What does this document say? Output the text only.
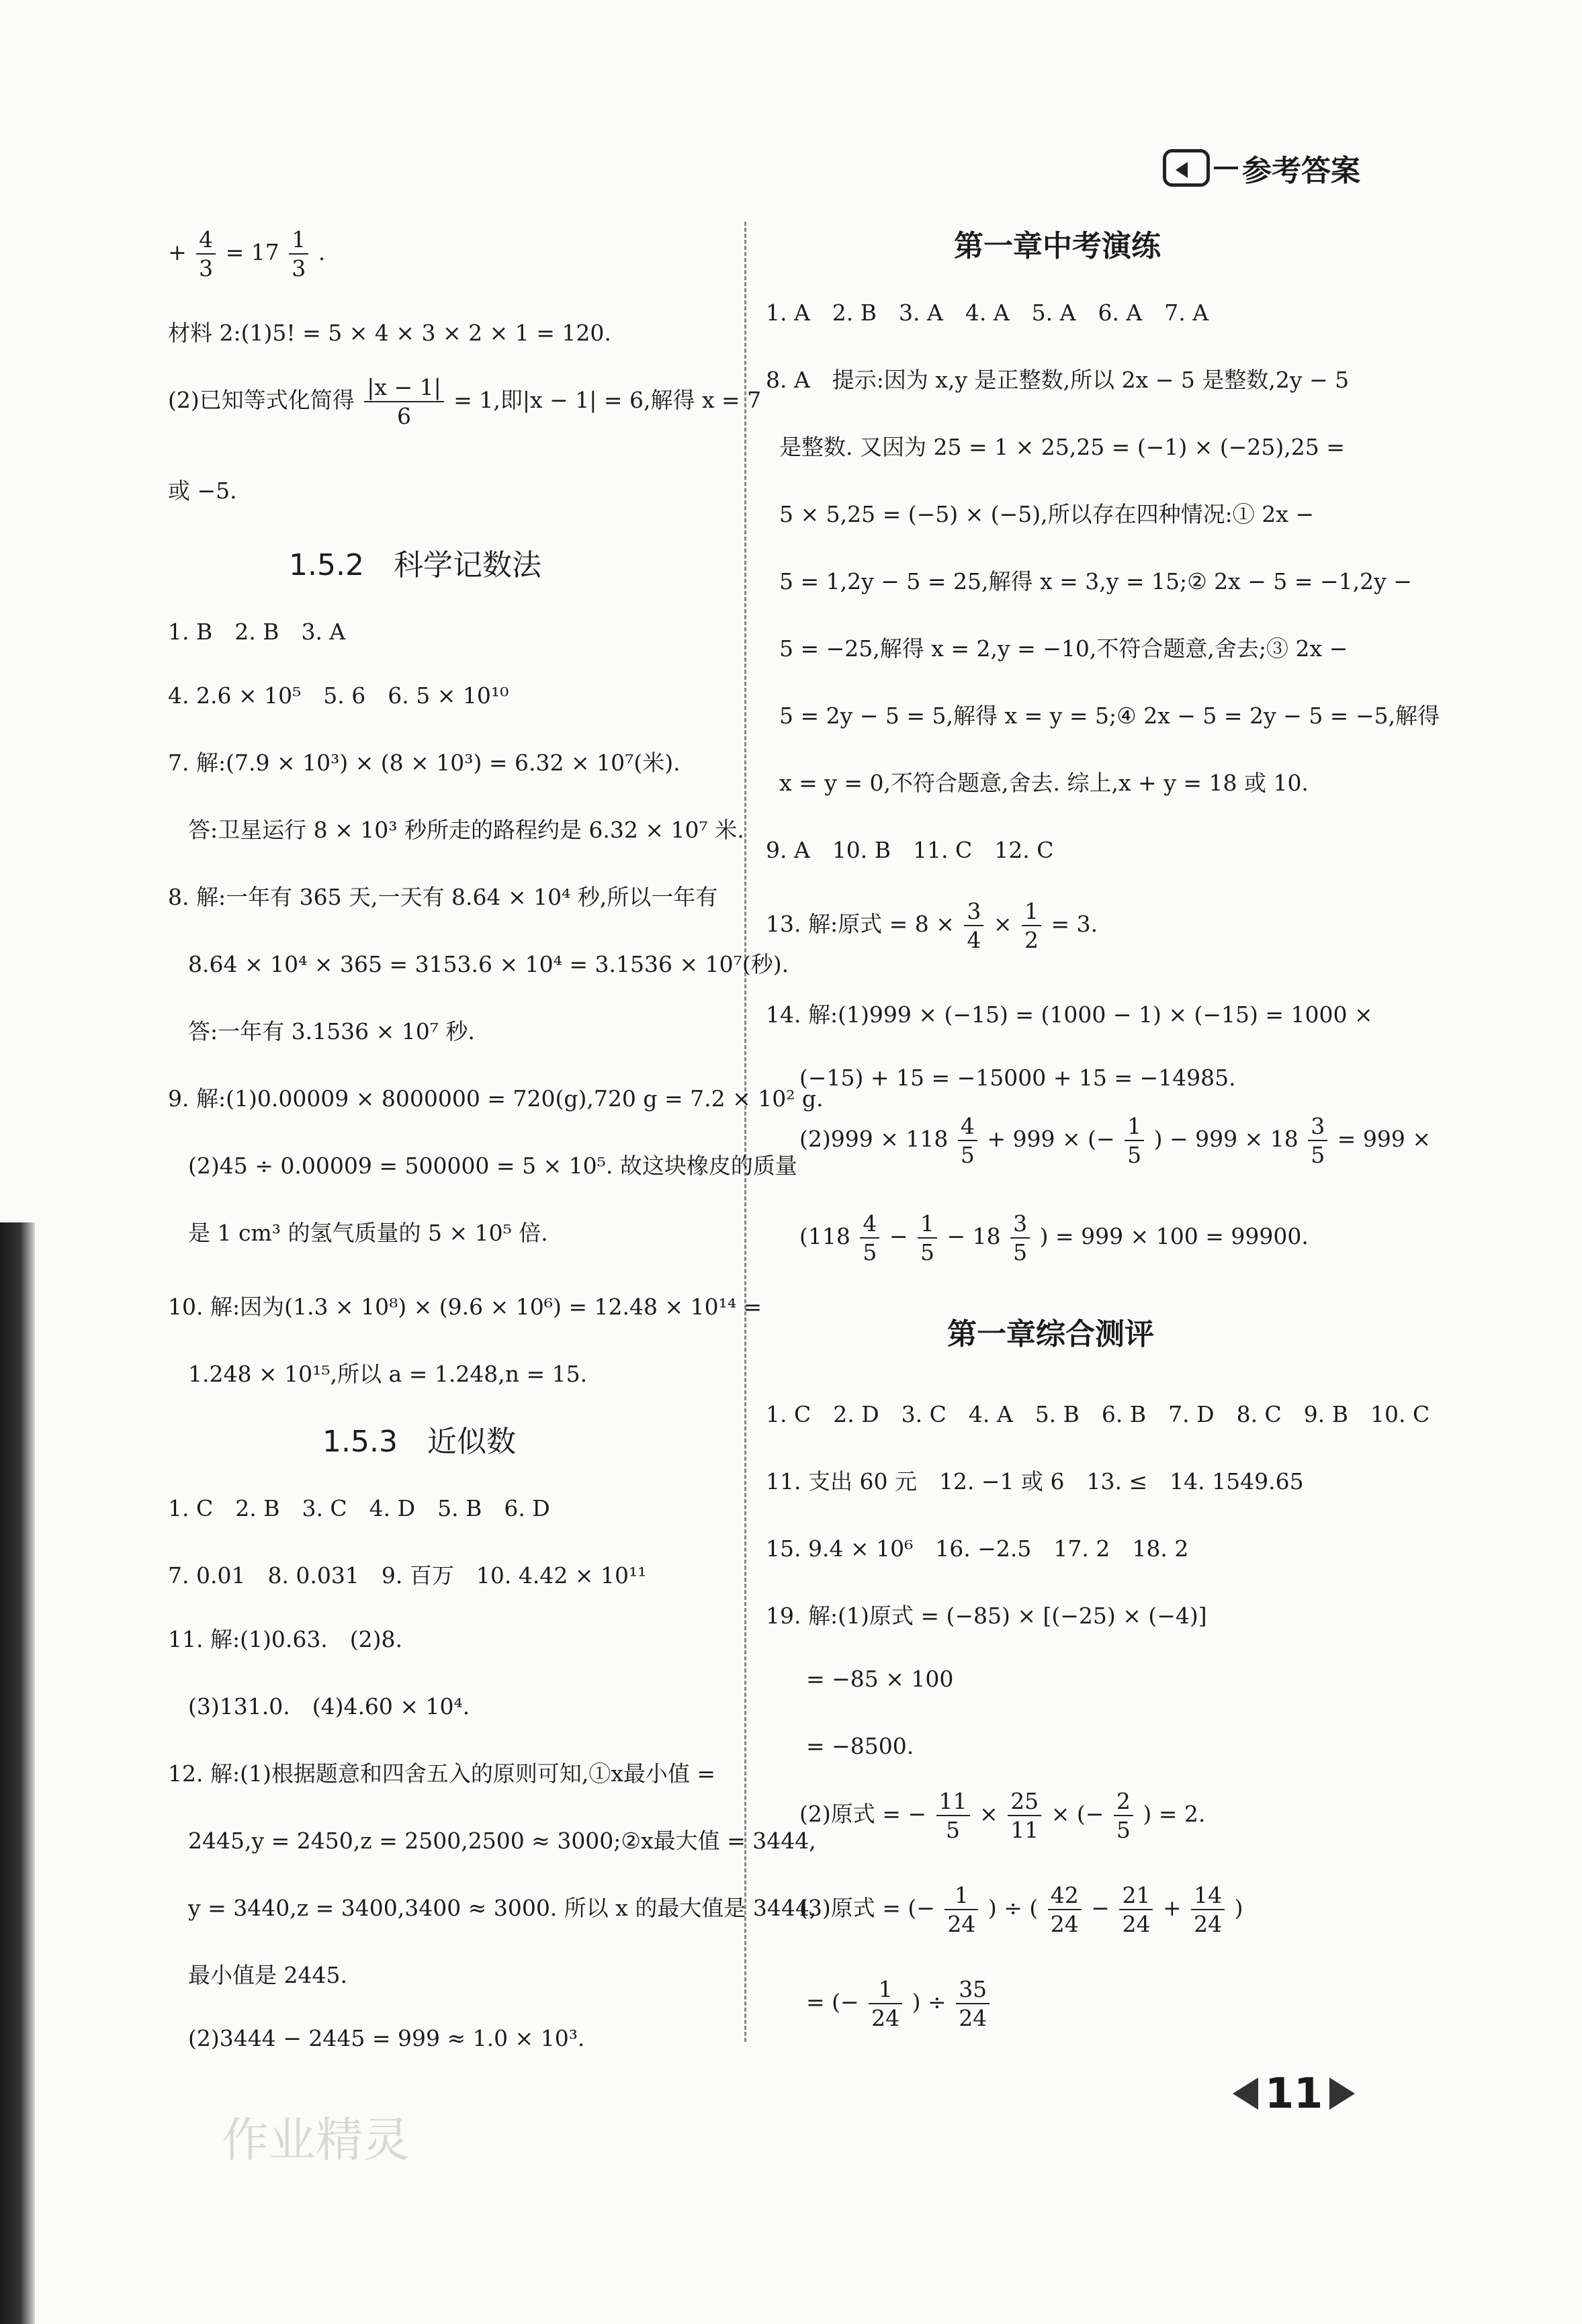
参考答案
+ $\frac{4}{3} = 17 \frac{1}{3}$ .
材料 2:(1)5! = 5 × 4 × 3 × 2 × 1 = 120.
(2)已知等式化简得 $\frac{|x - 1|}{6} = 1$,即|x − 1| = 6,解得 x = 7
或 −5.
1.5.2　科学记数法
1. B　2. B　3. A
4. 2.6 × 10⁵　5. 6　6. 5 × 10¹⁰
7. 解:(7.9 × 10³) × (8 × 10³) = 6.32 × 10⁷(米).
答:卫星运行 8 × 10³ 秒所走的路程约是 6.32 × 10⁷ 米.
8. 解:一年有 365 天,一天有 8.64 × 10⁴ 秒,所以一年有
8.64 × 10⁴ × 365 = 3153.6 × 10⁴ = 3.1536 × 10⁷(秒).
答:一年有 3.1536 × 10⁷ 秒.
9. 解:(1)0.00009 × 8000000 = 720(g),720 g = 7.2 × 10² g.
(2)45 ÷ 0.00009 = 500000 = 5 × 10⁵. 故这块橡皮的质量
是 1 cm³ 的氢气质量的 5 × 10⁵ 倍.
10. 解:因为(1.3 × 10⁸) × (9.6 × 10⁶) = 12.48 × 10¹⁴ =
1.248 × 10¹⁵,所以 a = 1.248,n = 15.
1.5.3　近似数
1. C　2. B　3. C　4. D　5. B　6. D
7. 0.01　8. 0.031　9. 百万　10. 4.42 × 10¹¹
11. 解:(1)0.63.　(2)8.
(3)131.0.　(4)4.60 × 10⁴.
12. 解:(1)根据题意和四舍五入的原则可知,①x最小值 =
2445,y = 2450,z = 2500,2500 ≈ 3000;②x最大值 = 3444,
y = 3440,z = 3400,3400 ≈ 3000. 所以 x 的最大值是 3444,
最小值是 2445.
(2)3444 − 2445 = 999 ≈ 1.0 × 10³.
第一章中考演练
1. A　2. B　3. A　4. A　5. A　6. A　7. A
8. A　提示:因为 x,y 是正整数,所以 2x − 5 是整数,2y − 5
是整数. 又因为 25 = 1 × 25,25 = (−1) × (−25),25 =
5 × 5,25 = (−5) × (−5),所以存在四种情况:① 2x −
5 = 1,2y − 5 = 25,解得 x = 3,y = 15;② 2x − 5 = −1,2y −
5 = −25,解得 x = 2,y = −10,不符合题意,舍去;③ 2x −
5 = 2y − 5 = 5,解得 x = y = 5;④ 2x − 5 = 2y − 5 = −5,解得
x = y = 0,不符合题意,舍去. 综上,x + y = 18 或 10.
9. A　10. B　11. C　12. C
13. 解:原式 = $8 \times \frac{3}{4} \times \frac{1}{2} = 3$.
14. 解:(1)999 × (−15) = (1000 − 1) × (−15) = 1000 ×
(−15) + 15 = −15000 + 15 = −14985.
$(2)999 \times 118 \frac{4}{5} + 999$ × (− $\frac{1}{5}$ ) − $999 \times 18 \frac{3}{5} = 999$ ×
($118 \frac{4}{5} - \frac{1}{5} - 18 \frac{3}{5}$ ) = 999 × 100 = 99900.
第一章综合测评
1. C　2. D　3. C　4. A　5. B　6. B　7. D　8. C　9. B　10. C
11. 支出 60 元　12. −1 或 6　13. ≤　14. 1549.65
15. 9.4 × 10⁶　16. −2.5　17. 2　18. 2
19. 解:(1)原式 = (−85) × [(−25) × (−4)]
= −85 × 100
= −8500.
(2)原式 = − $\frac{11}{5} \times \frac{25}{11}$ × (− $\frac{2}{5}$ ) = 2.
(3)原式 = (− $\frac{1}{24}$ ) ÷ ( $\frac{42}{24} - \frac{21}{24} + \frac{14}{24}$ )
= (− $\frac{1}{24}$ ) ÷ $\frac{35}{24}$
11
作业精灵
